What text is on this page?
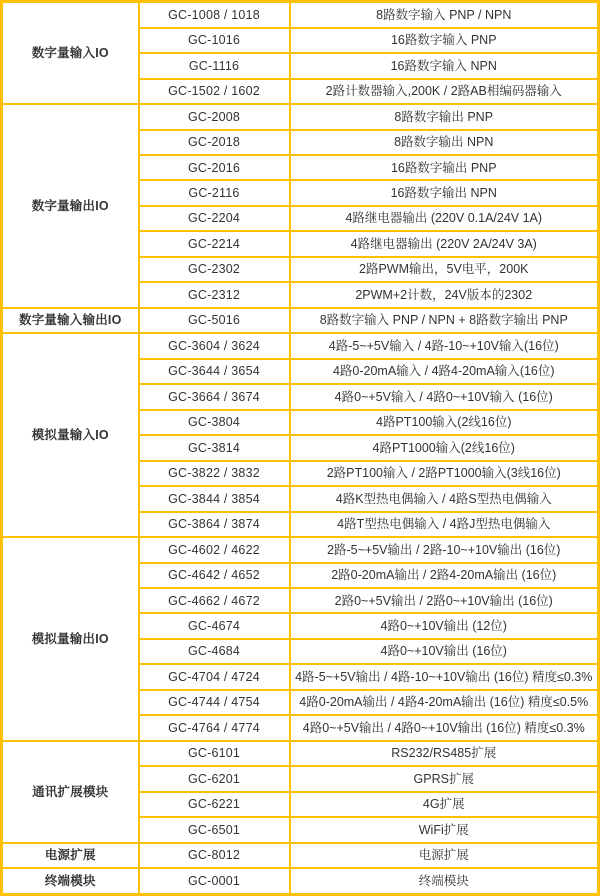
数字量输入IO	GC-1008 / 1018	8路数字输入 PNP / NPN
	GC-1016	16路数字输入 PNP
	GC-1116	16路数字输入 NPN
	GC-1502 / 1602	2路计数器输入,200K / 2路AB相编码器输入
数字量输出IO	GC-2008	8路数字输出 PNP
	GC-2018	8路数字输出 NPN
	GC-2016	16路数字输出 PNP
	GC-2116	16路数字输出 NPN
	GC-2204	4路继电器输出 (220V 0.1A/24V 1A)
	GC-2214	4路继电器输出 (220V 2A/24V 3A)
	GC-2302	2路PWM输出，5V电平，200K
	GC-2312	2PWM+2计数，24V版本的2302
数字量输入输出IO	GC-5016	8路数字输入 PNP / NPN + 8路数字输出 PNP
模拟量输入IO	GC-3604 / 3624	4路-5~+5V输入 / 4路-10~+10V输入(16位)
	GC-3644 / 3654	4路0-20mA输入 / 4路4-20mA输入(16位)
	GC-3664 / 3674	4路0~+5V输入 / 4路0~+10V输入 (16位)
	GC-3804	4路PT100输入(2线16位)
	GC-3814	4路PT1000输入(2线16位)
	GC-3822 / 3832	2路PT100输入 / 2路PT1000输入(3线16位)
	GC-3844 / 3854	4路K型热电偶输入 / 4路S型热电偶输入
	GC-3864 / 3874	4路T型热电偶输入 / 4路J型热电偶输入
模拟量输出IO	GC-4602 / 4622	2路-5~+5V输出 / 2路-10~+10V输出 (16位)
	GC-4642 / 4652	2路0-20mA输出 / 2路4-20mA输出 (16位)
	GC-4662 / 4672	2路0~+5V输出 / 2路0~+10V输出 (16位)
	GC-4674	4路0~+10V输出 (12位)
	GC-4684	4路0~+10V输出 (16位)
	GC-4704 / 4724	4路-5~+5V输出 / 4路-10~+10V输出 (16位) 精度≤0.3%
	GC-4744 / 4754	4路0-20mA输出 / 4路4-20mA输出 (16位) 精度≤0.5%
	GC-4764 / 4774	4路0~+5V输出 / 4路0~+10V输出 (16位) 精度≤0.3%
通讯扩展模块	GC-6101	RS232/RS485扩展
	GC-6201	GPRS扩展
	GC-6221	4G扩展
	GC-6501	WiFi扩展
电源扩展	GC-8012	电源扩展
终端模块	GC-0001	终端模块
